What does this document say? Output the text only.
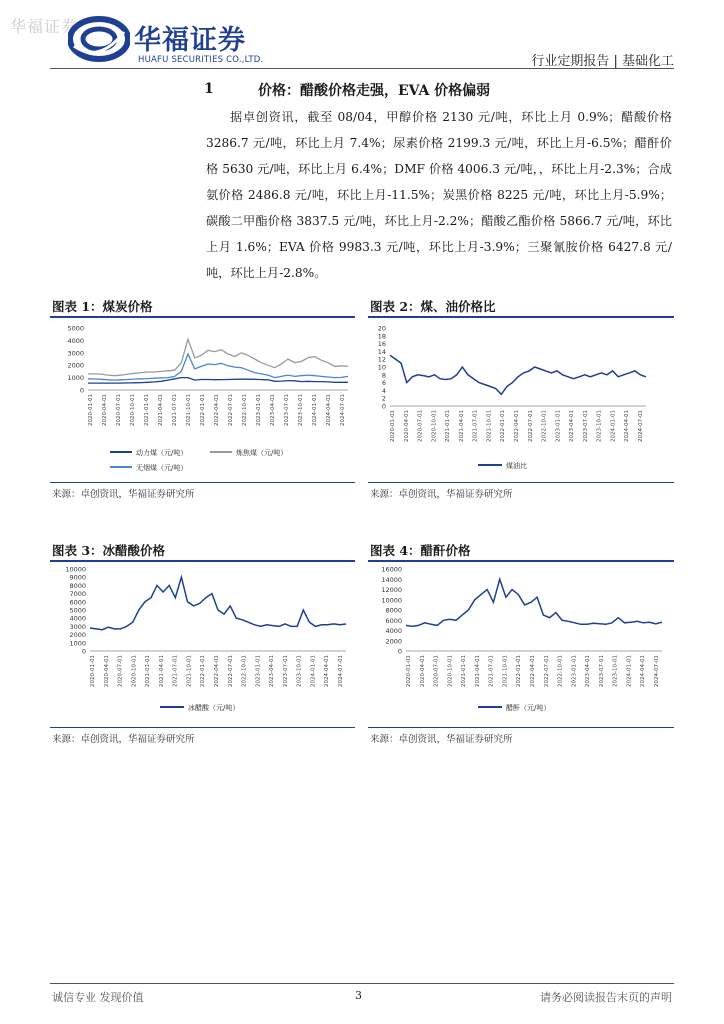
华福证券 华福证券
HUAFU SECURITIES CO.,LTD.	行业定期报告 | 基础化工
1	价格：醋酸价格走强，EVA 价格偏弱

据卓创资讯，截至 08/04，甲醇价格 2130 元/吨，环比上月 0.9%；醋酸价格 3286.7 元/吨，环比上月 7.4%；尿素价格 2199.3 元/吨，环比上月-6.5%；醋酐价格 5630 元/吨，环比上月 6.4%；DMF 价格 4006.3 元/吨，，环比上月-2.3%；合成氨价格 2486.8 元/吨，环比上月-11.5%；炭黑价格 8225 元/吨，环比上月-5.9%；碳酸二甲酯价格 3837.5 元/吨，环比上月-2.2%；醋酸乙酯价格 5866.7 元/吨，环比上月 1.6%；EVA 价格 9983.3 元/吨，环比上月-3.9%；三聚氰胺价格 6427.8 元/吨，环比上月-2.8%。

图表 1：煤炭价格
5000
4000
3000
2000
1000
0
2020-01-01 2020-04-01 2020-07-01 2020-10-01 2021-01-01 2021-04-01 2021-07-01 2021-10-01 2022-01-01 2022-04-01 2022-07-01 2022-10-01 2023-01-01 2023-04-01 2023-07-01 2023-10-01 2024-01-01 2024-04-01 2024-07-01
动力煤（元/吨）	炼焦煤（元/吨）
无烟煤（元/吨）
来源：卓创资讯，华福证券研究所
图表 2：煤、油价格比
20
18
16
14
12
10
8
6
4
2
0
2020-01-01 2020-04-01 2020-07-01 2020-10-01 2021-01-01 2021-04-01 2021-07-01 2021-10-01 2022-01-01 2022-04-01 2022-07-01 2022-10-01 2023-01-01 2023-04-01 2023-07-01 2023-10-01 2024-01-01 2024-04-01 2024-07-01
煤油比
来源：卓创资讯，华福证券研究所
图表 3：冰醋酸价格
10000
9000
8000
7000
6000
5000
4000
3000
2000
1000
0
2020-01-01 2020-04-01 2020-07-01 2020-10-01 2021-01-01 2021-04-01 2021-07-01 2021-10-01 2022-01-01 2022-04-01 2022-07-01 2022-10-01 2023-01-01 2023-04-01 2023-07-01 2023-10-01 2024-01-01 2024-04-01 2024-07-01
冰醋酸（元/吨）
来源：卓创资讯，华福证券研究所
图表 4：醋酐价格
16000
14000
12000
10000
8000
6000
4000
2000
0
2020-01-01 2020-04-01 2020-07-01 2020-10-01 2021-01-01 2021-04-01 2021-07-01 2021-10-01 2022-01-01 2022-04-01 2022-07-01 2022-10-01 2023-01-01 2023-04-01 2023-07-01 2023-10-01 2024-01-01 2024-04-01 2024-07-01
醋酐（元/吨）
来源：卓创资讯，华福证券研究所
诚信专业 发现价值	3	请务必阅读报告末页的声明
